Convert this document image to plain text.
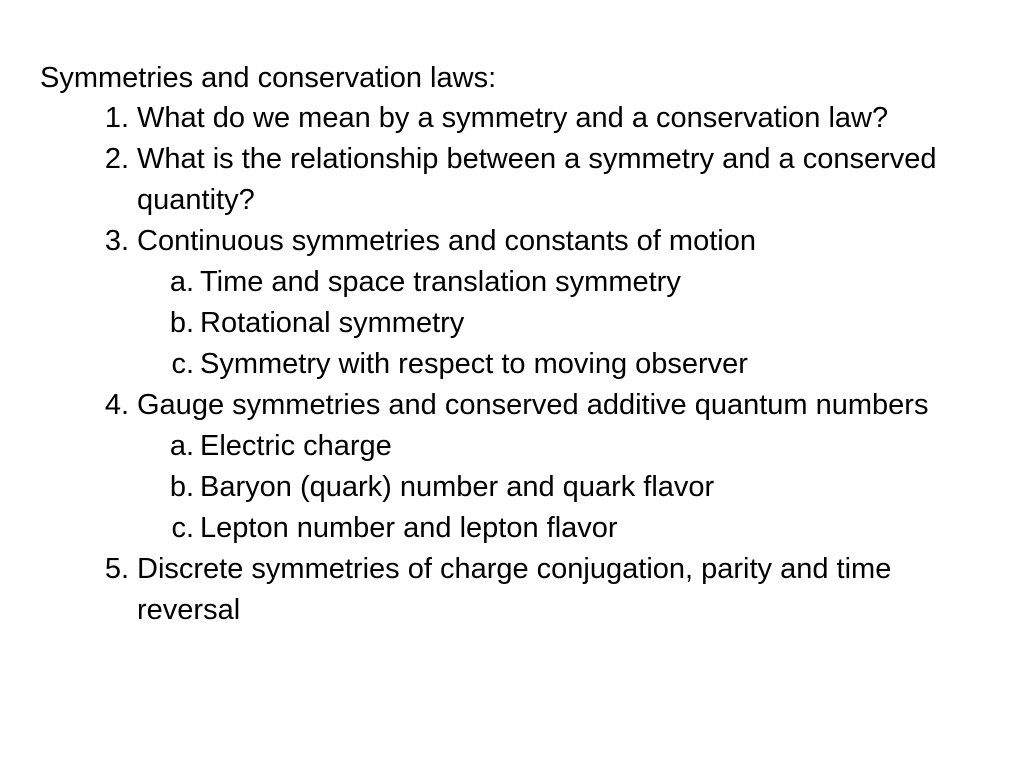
Symmetries and conservation laws:
1. What do we mean by a symmetry and a conservation law?
2. What is the relationship between a symmetry and a conserved quantity?
3. Continuous symmetries and constants of motion
a. Time and space translation symmetry
b. Rotational symmetry
c. Symmetry with respect to moving observer
4. Gauge symmetries and conserved additive quantum numbers
a. Electric charge
b. Baryon (quark) number and quark flavor
c. Lepton number and lepton flavor
5. Discrete symmetries of charge conjugation, parity and time reversal
